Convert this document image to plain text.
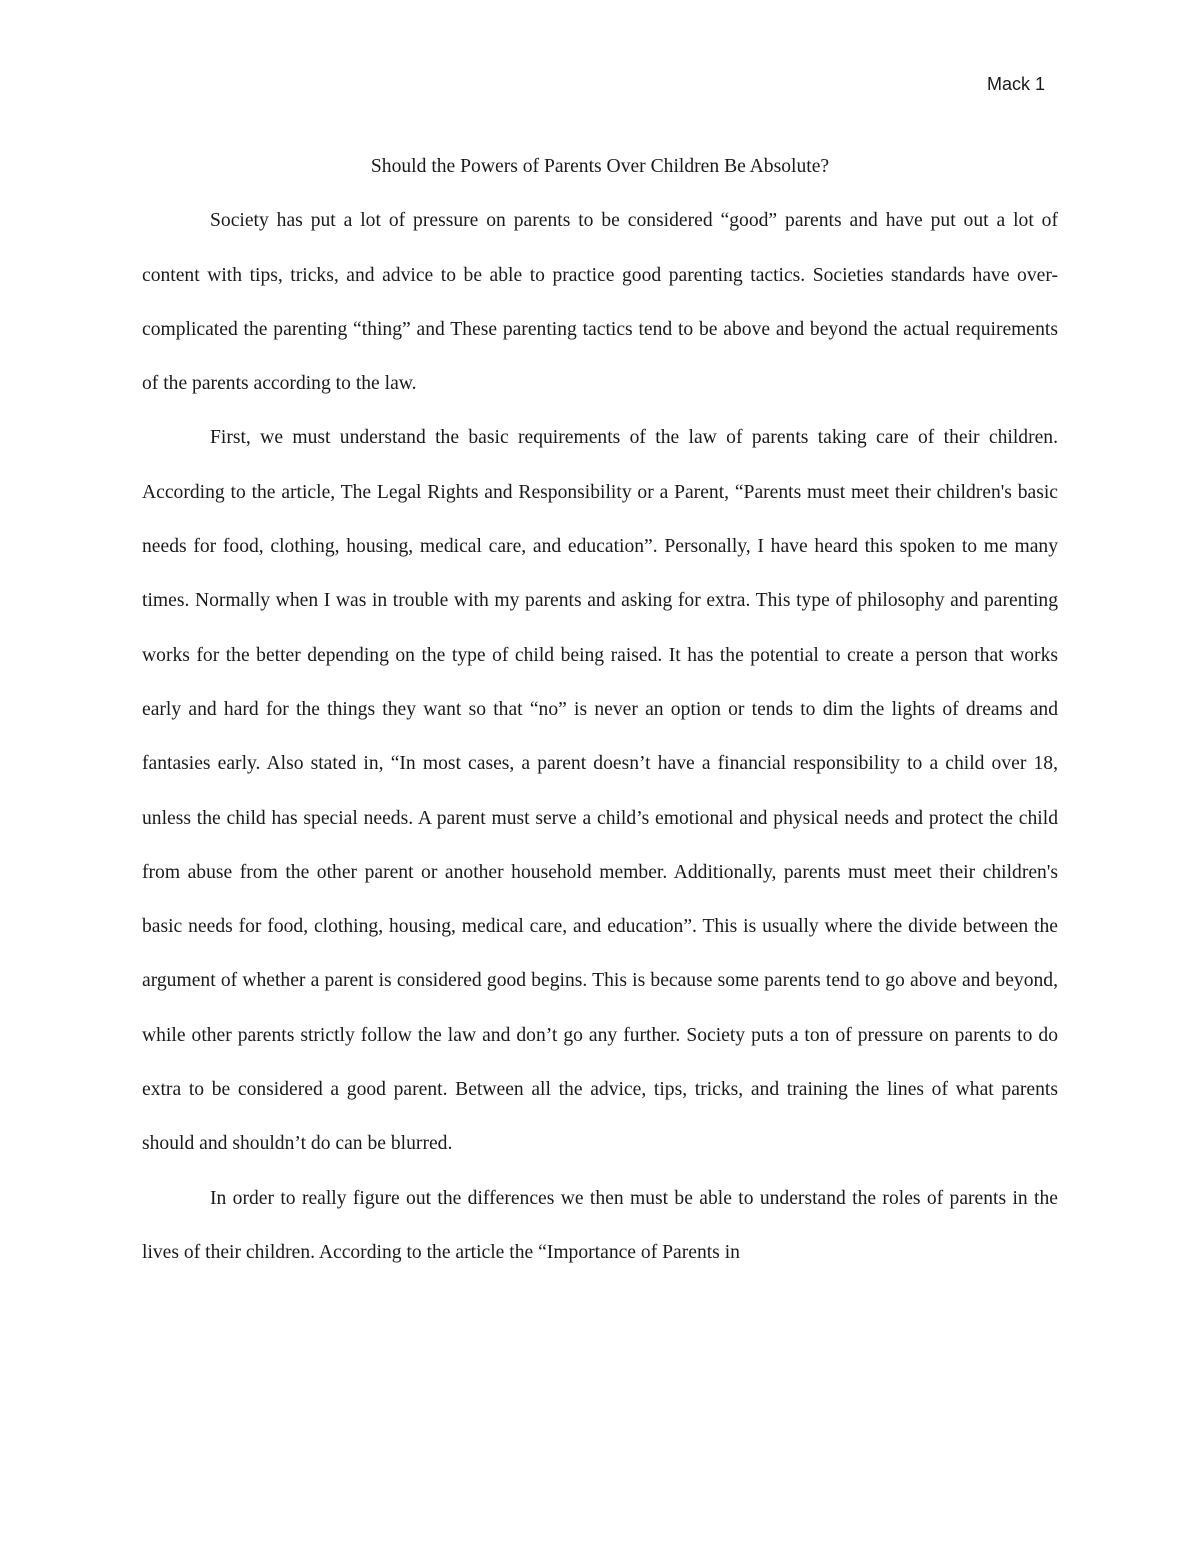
Mack 1

Should the Powers of Parents Over Children Be Absolute?

Society has put a lot of pressure on parents to be considered “good” parents and have put out a lot of content with tips, tricks, and advice to be able to practice good parenting tactics. Societies standards have over-complicated the parenting “thing” and These parenting tactics tend to be above and beyond the actual requirements of the parents according to the law.

First, we must understand the basic requirements of the law of parents taking care of their children. According to the article, The Legal Rights and Responsibility or a Parent, “Parents must meet their children's basic needs for food, clothing, housing, medical care, and education”. Personally, I have heard this spoken to me many times. Normally when I was in trouble with my parents and asking for extra. This type of philosophy and parenting works for the better depending on the type of child being raised. It has the potential to create a person that works early and hard for the things they want so that “no” is never an option or tends to dim the lights of dreams and fantasies early. Also stated in, “In most cases, a parent doesn’t have a financial responsibility to a child over 18, unless the child has special needs. A parent must serve a child’s emotional and physical needs and protect the child from abuse from the other parent or another household member. Additionally, parents must meet their children's basic needs for food, clothing, housing, medical care, and education”. This is usually where the divide between the argument of whether a parent is considered good begins. This is because some parents tend to go above and beyond, while other parents strictly follow the law and don’t go any further. Society puts a ton of pressure on parents to do extra to be considered a good parent. Between all the advice, tips, tricks, and training the lines of what parents should and shouldn’t do can be blurred.

In order to really figure out the differences we then must be able to understand the roles of parents in the lives of their children. According to the article the “Importance of Parents in
